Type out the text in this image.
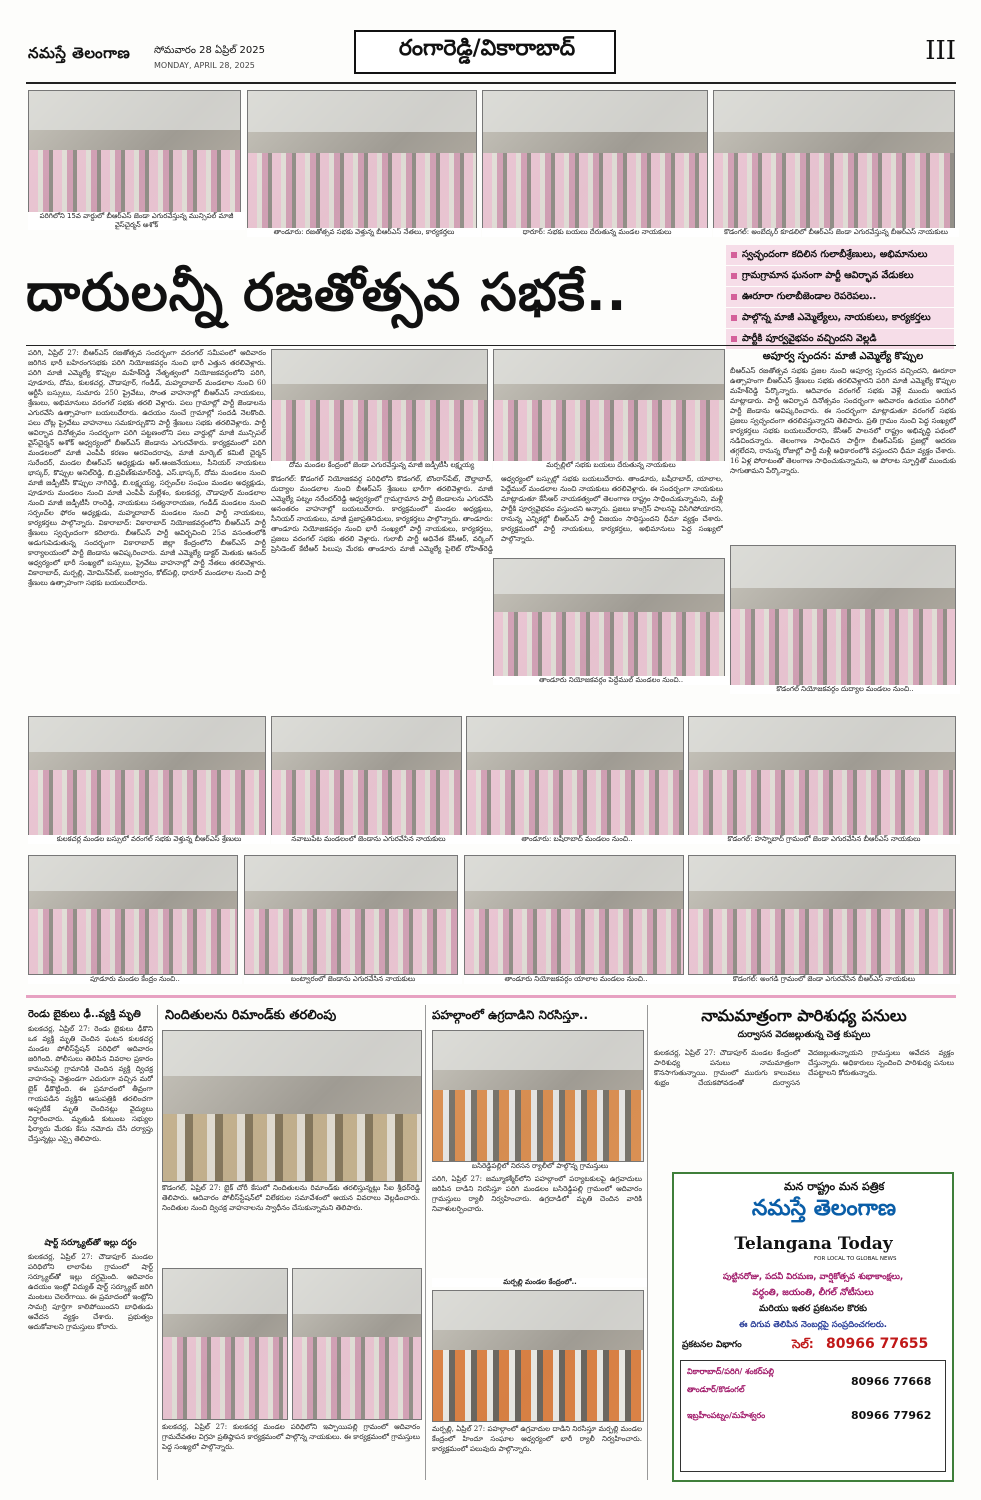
నమస్తే తెలంగాణ సోమవారం 28 ఏప్రిల్ 2025
MONDAY, APRIL 28, 2025
రంగారెడ్డి/వికారాబాద్	III
పరిగిలోని 15వ వార్డులో బీఆర్‌ఎస్ జెండా ఎగురవేస్తున్న మున్సిపల్ మాజీ వైస్‌చైర్మన్ అశోక్
తాండూరు: రజతోత్సవ సభకు వెళ్తున్న బీఆర్‌ఎస్ నేతలు, కార్యకర్తలు	ధారూర్: సభకు బయలు దేరుతున్న మండల నాయకులు	కొడంగల్: అంబేద్కర్ కూడలిలో బీఆర్‌ఎస్ జెండా ఎగురవేస్తున్న బీఆర్‌ఎస్ నాయకులు
దారులన్నీ రజతోత్సవ సభకే..
స్వచ్ఛందంగా కదిలిన గులాబీశ్రేణులు, అభిమానులు
గ్రామగ్రామాన ఘనంగా పార్టీ ఆవిర్భావ వేడుకలు
ఊరూరా గులాబీజెండాల రెపరెపలు..
పాల్గొన్న మాజీ ఎమ్మెల్యేలు, నాయకులు, కార్యకర్తలు
పార్టీకి పూర్వవైభవం వచ్చిందని వెల్లడి
పరిగి, ఏప్రిల్ 27: బీఆర్‌ఎస్ రజతోత్సవ సందర్భంగా వరంగల్ సమీపంలో ఆదివారం జరిగిన భారీ బహిరంగసభకు పరిగి నియోజకవర్గం నుంచి భారీ ఎత్తున తరలివెళ్లారు. పరిగి మాజీ ఎమ్మెల్యే కొప్పుల మహేశ్‌రెడ్డి నేతృత్వంలో నియోజకవర్గంలోని పరిగి, పూడూరు, దోమ, కులకచర్ల, చౌడాపూర్, గండీడ్, మహ్మదాబాద్ మండలాల నుంచి 60 ఆర్టీసీ బస్సులు, సుమారు 250 ప్రైవేటు, సొంత వాహనాల్లో బీఆర్‌ఎస్ నాయకులు, శ్రేణులు, అభిమానులు వరంగల్ సభకు తరలి వెళ్లారు. పలు గ్రామాల్లో పార్టీ జెండాలను ఎగురవేసి ఉత్సాహంగా బయలుదేరారు. ఉదయం నుంచే గ్రామాల్లో సందడి నెలకొంది. పలు చోట్ల ప్రైవేటు వాహనాలు సమకూర్చుకొని పార్టీ శ్రేణులు సభకు తరలివెళ్లారు. పార్టీ ఆవిర్భావ దినోత్సవం సందర్భంగా పరిగి పట్టణంలోని పలు వార్డుల్లో మాజీ మున్సిపల్ వైస్‌చైర్మన్ అశోక్ ఆధ్వర్యంలో బీఆర్‌ఎస్ జెండాను ఎగురవేశారు. కార్యక్రమంలో పరిగి మండలంలో మాజీ ఎంపీపీ కరణం అరవిందరావు, మాజీ మార్కెట్ కమిటీ చైర్మన్ సురేందర్, మండల బీఆర్‌ఎస్ అధ్యక్షుడు ఆర్.ఆంజనేయులు, సీనియర్ నాయకులు భాస్కర్, కొప్పుల అనిల్‌రెడ్డి, బి.ప్రవీణ్‌కుమార్‌రెడ్డి, ఎస్.భాస్కర్, దోమ మండలం నుంచి మాజీ జడ్పీటీసీ కొప్పుల నాగిరెడ్డి, బి.లక్ష్మయ్య, సర్పంచ్‌ల సంఘం మండల అధ్యక్షుడు, పూడూరు మండలం నుంచి మాజీ ఎంపీపీ మల్లేశం, కులకచర్ల, చౌడాపూర్ మండలాల నుంచి మాజీ జడ్పీటీసీ రాంరెడ్డి, నాయకులు సత్యనారాయణ, గండీడ్ మండలం నుంచి సర్పంచ్‌ల ఫోరం అధ్యక్షుడు, మహ్మదాబాద్ మండలం నుంచి పార్టీ నాయకులు, కార్యకర్తలు పాల్గొన్నారు. వికారాబాద్: వికారాబాద్ నియోజకవర్గంలోని బీఆర్‌ఎస్ పార్టీ శ్రేణులు స్వచ్ఛందంగా కదిలారు. బీఆర్‌ఎస్ పార్టీ ఆవిర్భవించి 25వ వసంతంలోకి అడుగుపెడుతున్న సందర్భంగా వికారాబాద్ జిల్లా కేంద్రంలోని బీఆర్‌ఎస్ పార్టీ కార్యాలయంలో పార్టీ జెండాను ఆవిష్కరించారు. మాజీ ఎమ్మెల్యే డాక్టర్ మెతుకు ఆనంద్ ఆధ్వర్యంలో భారీ సంఖ్యలో బస్సులు, ప్రైవేటు వాహనాల్లో పార్టీ నేతలు తరలివెళ్లారు. వికారాబాద్, మర్పల్లి, మోమిన్‌పేట్, బంట్వారం, కోట్‌పల్లి, ధారూర్ మండలాల నుంచి పార్టీ శ్రేణులు ఉత్సాహంగా సభకు బయలుదేరారు.
దోమ మండల కేంద్రంలో జెండా ఎగురవేస్తున్న మాజీ జడ్పీటీసీ లక్ష్మయ్య	మర్పల్లిలో సభకు బయలు దేరుతున్న నాయకులు
కొడంగల్: కొడంగల్ నియోజకవర్గ పరిధిలోని కొడంగల్, బొంరాస్‌పేట్, దౌల్తాబాద్, దుద్యాల మండలాల నుంచి బీఆర్‌ఎస్ శ్రేణులు భారీగా తరలివెళ్లారు. మాజీ ఎమ్మెల్యే పట్నం నరేందర్‌రెడ్డి ఆధ్వర్యంలో గ్రామగ్రామాన పార్టీ జెండాలను ఎగురవేసి అనంతరం వాహనాల్లో బయలుదేరారు. కార్యక్రమంలో మండల అధ్యక్షులు, సీనియర్ నాయకులు, మాజీ ప్రజాప్రతినిధులు, కార్యకర్తలు పాల్గొన్నారు. తాండూరు: తాండూరు నియోజకవర్గం నుంచి భారీ సంఖ్యలో పార్టీ నాయకులు, కార్యకర్తలు, ప్రజలు వరంగల్ సభకు తరలి వెళ్లారు. గులాబీ పార్టీ అధినేత కేసీఆర్, వర్కింగ్ ప్రెసిడెంట్ కేటీఆర్ పిలుపు మేరకు తాండూరు మాజీ ఎమ్మెల్యే పైలెట్ రోహిత్‌రెడ్డి ఆధ్వర్యంలో బస్సుల్లో సభకు బయలుదేరారు. తాండూరు, బషీరాబాద్, యాలాల, పెద్దేముల్ మండలాల నుంచి నాయకులు తరలివెళ్లారు. ఈ సందర్భంగా నాయకులు మాట్లాడుతూ కేసీఆర్ నాయకత్వంలో తెలంగాణ రాష్ట్రం సాధించుకున్నామని, మళ్లీ పార్టీకి పూర్వవైభవం వస్తుందని అన్నారు. ప్రజలు కాంగ్రెస్ పాలనపై విసిగిపోయారని, రానున్న ఎన్నికల్లో బీఆర్‌ఎస్ పార్టీ విజయం సాధిస్తుందని ధీమా వ్యక్తం చేశారు. కార్యక్రమంలో పార్టీ నాయకులు, కార్యకర్తలు, అభిమానులు పెద్ద సంఖ్యలో పాల్గొన్నారు.
తాండూరు నియోజకవర్గం పెద్దేముల్ మండలం నుంచి..
అపూర్వ స్పందన: మాజీ ఎమ్మెల్యే కొప్పుల
బీఆర్‌ఎస్ రజతోత్సవ సభకు ప్రజల నుంచి అపూర్వ స్పందన వచ్చిందని, ఊరూరా ఉత్సాహంగా బీఆర్‌ఎస్ శ్రేణులు సభకు తరలివెళ్లారని పరిగి మాజీ ఎమ్మెల్యే కొప్పుల మహేశ్‌రెడ్డి పేర్కొన్నారు. ఆదివారం వరంగల్ సభకు వెళ్లే ముందు ఆయన మాట్లాడారు. పార్టీ ఆవిర్భావ దినోత్సవం సందర్భంగా ఆదివారం ఉదయం పరిగిలో పార్టీ జెండాను ఆవిష్కరించారు. ఈ సందర్భంగా మాట్లాడుతూ వరంగల్ సభకు ప్రజలు స్వచ్ఛందంగా తరలివస్తున్నారని తెలిపారు. ప్రతి గ్రామం నుంచి పెద్ద సంఖ్యలో కార్యకర్తలు సభకు బయలుదేరారని, కేసీఆర్ పాలనలో రాష్ట్రం అభివృద్ధి పథంలో నడిచిందన్నారు. తెలంగాణ సాధించిన పార్టీగా బీఆర్‌ఎస్‌కు ప్రజల్లో ఆదరణ తగ్గలేదని, రానున్న రోజుల్లో పార్టీ మళ్లీ అధికారంలోకి వస్తుందని ధీమా వ్యక్తం చేశారు. 16 ఏళ్ల పోరాటంతో తెలంగాణ సాధించుకున్నామని, ఆ పోరాట స్ఫూర్తితో ముందుకు సాగుతామని పేర్కొన్నారు.
కొడంగల్ నియోజకవర్గం దుద్యాల మండలం నుంచి..
కులకచర్ల మండల బస్సులో వరంగల్ సభకు వెళ్తున్న బీఆర్‌ఎస్ శ్రేణులు	నవాబుపేట మండలంలో జెండాను ఎగురవేసిన నాయకులు	తాండూరు: బషీరాబాద్ మండలం నుంచి..	కొడంగల్: హస్నాబాద్ గ్రామంలో జెండా ఎగురవేసిన బీఆర్‌ఎస్ నాయకులు
పూడూరు మండల కేంద్రం నుంచి..	బంట్వారంలో జెండాను ఎగురవేసిన నాయకులు	తాండూరు నియోజకవర్గం యాలాల మండలం నుంచి..	కొడంగల్: అంగడి గ్రామంలో జెండా ఎగురవేసిన బీఆర్‌ఎస్ నాయకులు
రెండు బైకులు ఢీ..వ్యక్తి మృతి
కులకచర్ల, ఏప్రిల్ 27: రెండు బైకులు ఢీకొని ఒక వ్యక్తి మృతి చెందిన ఘటన కులకచర్ల మండల పోలీస్‌స్టేషన్ పరిధిలో ఆదివారం జరిగింది. పోలీసులు తెలిపిన వివరాల ప్రకారం కామునిపల్లి గ్రామానికి చెందిన వ్యక్తి ద్విచక్ర వాహనంపై వెళ్తుండగా ఎదురుగా వచ్చిన మరో బైక్ ఢీకొట్టింది. ఈ ప్రమాదంలో తీవ్రంగా గాయపడిన వ్యక్తిని ఆసుపత్రికి తరలించగా అప్పటికే మృతి చెందినట్లు వైద్యులు నిర్ధారించారు. మృతుడి కుటుంబ సభ్యుల ఫిర్యాదు మేరకు కేసు నమోదు చేసి దర్యాప్తు చేస్తున్నట్లు ఎస్సై తెలిపారు.
షార్ట్ సర్క్యూట్‌తో ఇల్లు దగ్ధం
కులకచర్ల, ఏప్రిల్ 27: చౌడాపూర్ మండల పరిధిలోని లాలాపేట గ్రామంలో షార్ట్ సర్క్యూట్‌తో ఇల్లు దగ్ధమైంది. ఆదివారం ఉదయం ఇంట్లో విద్యుత్ షార్ట్ సర్క్యూట్ జరిగి మంటలు చెలరేగాయి. ఈ ప్రమాదంలో ఇంట్లోని సామగ్రి పూర్తిగా కాలిపోయిందని బాధితుడు ఆవేదన వ్యక్తం చేశారు. ప్రభుత్వం ఆదుకోవాలని గ్రామస్తులు కోరారు.
నిందితులను రిమాండ్‌కు తరలింపు
కొడంగల్, ఏప్రిల్ 27: బైక్ చోరీ కేసులో నిందితులను రిమాండ్‌కు తరలిస్తున్నట్లు సీఐ శ్రీధర్‌రెడ్డి తెలిపారు. ఆదివారం పోలీస్‌స్టేషన్‌లో విలేకరుల సమావేశంలో ఆయన వివరాలు వెల్లడించారు. నిందితుల నుంచి ద్విచక్ర వాహనాలను స్వాధీనం చేసుకున్నామని తెలిపారు.
కులకచర్ల, ఏప్రిల్ 27: కులకచర్ల మండల పరిధిలోని ఇప్పాయిపల్లి గ్రామంలో ఆదివారం గ్రామదేవతల విగ్రహ ప్రతిష్ఠాపన కార్యక్రమంలో పాల్గొన్న నాయకులు. ఈ కార్యక్రమంలో గ్రామస్తులు పెద్ద సంఖ్యలో పాల్గొన్నారు.
పహల్గాంలో ఉగ్రదాడిని నిరసిస్తూ..
బసిరెడ్డిపల్లిలో నిరసన ర్యాలీలో పాల్గొన్న గ్రామస్తులు
పరిగి, ఏప్రిల్ 27: జమ్మూకశ్మీర్‌లోని పహల్గాంలో పర్యాటకులపై ఉగ్రవాదులు జరిపిన దాడిని నిరసిస్తూ పరిగి మండలం బసిరెడ్డిపల్లి గ్రామంలో ఆదివారం గ్రామస్తులు ర్యాలీ నిర్వహించారు. ఉగ్రదాడిలో మృతి చెందిన వారికి నివాళులర్పించారు.
మర్పల్లి మండల కేంద్రంలో..
మర్పల్లి, ఏప్రిల్ 27: పహల్గాంలో ఉగ్రవాదుల దాడిని నిరసిస్తూ మర్పల్లి మండల కేంద్రంలో హిందూ సంఘాల ఆధ్వర్యంలో భారీ ర్యాలీ నిర్వహించారు. కార్యక్రమంలో పలువురు పాల్గొన్నారు.
నామమాత్రంగా పారిశుధ్య పనులు
దుర్వాసన వెదజల్లుతున్న చెత్త కుప్పలు
కులకచర్ల, ఏప్రిల్ 27: చౌడాపూర్ మండల కేంద్రంలో పారిశుధ్య పనులు నామమాత్రంగా కొనసాగుతున్నాయి. గ్రామంలో మురుగు కాలువలు శుభ్రం చేయకపోవడంతో దుర్వాసన వెదజల్లుతున్నాయని గ్రామస్తులు ఆవేదన వ్యక్తం చేస్తున్నారు. అధికారులు స్పందించి పారిశుధ్య పనులు చేపట్టాలని కోరుతున్నారు.
మన రాష్ట్రం మన పత్రిక
నమస్తే తెలంగాణ
Telangana Today
FOR LOCAL TO GLOBAL NEWS
పుట్టినరోజు, పదవీ విరమణ, వార్షికోత్సవ శుభాకాంక్షలు,
వర్ధంతి, జయంతి, లీగల్ నోటీసులు
మరియు ఇతర ప్రకటనల కొరకు
ఈ దిగువ తెలిపిన నెంబర్లపై సంప్రదించగలరు.
ప్రకటనల విభాగం	సెల్: 80966 77655
వికారాబాద్/పరిగి/ శంకర్‌పల్లి
తాండూర్/కొడంగల్
80966 77668
ఇబ్రహీంపట్నం/మహేశ్వరం	80966 77962
